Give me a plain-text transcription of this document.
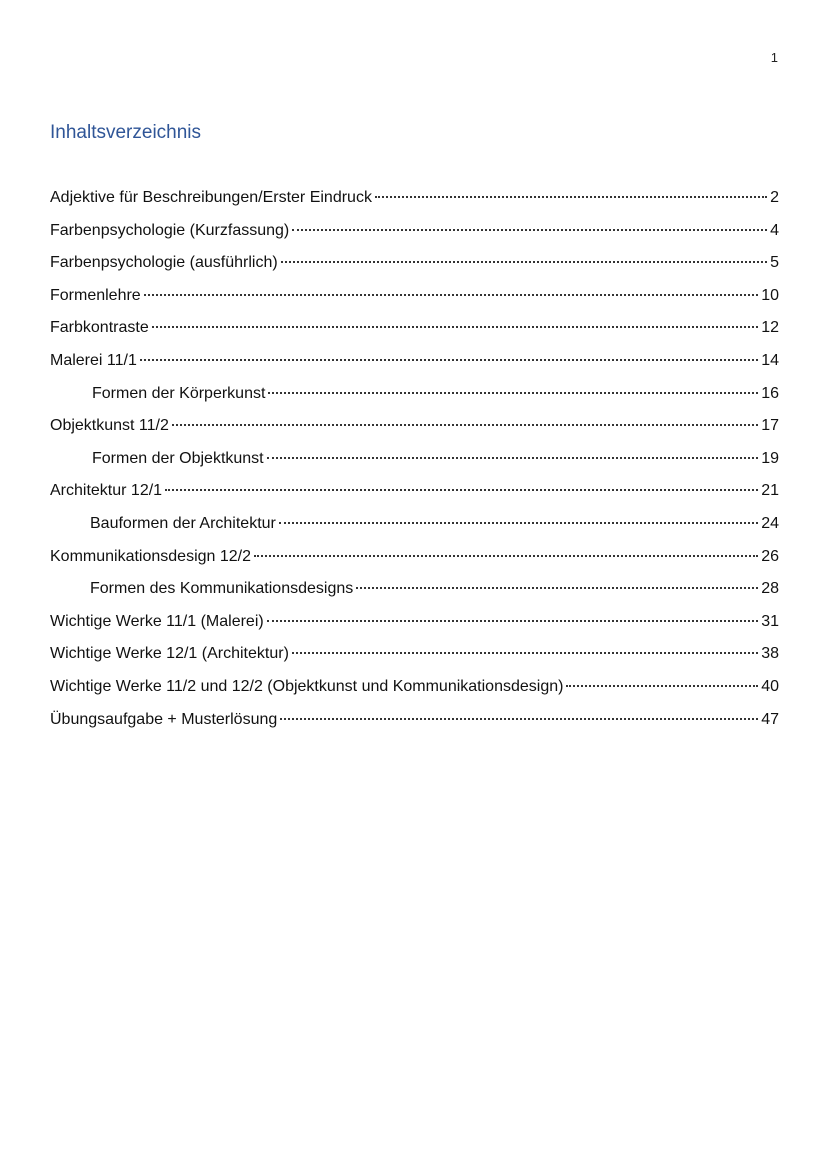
1
Inhaltsverzeichnis
Adjektive für Beschreibungen/Erster Eindruck	2
Farbenpsychologie (Kurzfassung)	4
Farbenpsychologie (ausführlich)	5
Formenlehre	10
Farbkontraste	12
Malerei 11/1	14
Formen der Körperkunst	16
Objektkunst 11/2	17
Formen der Objektkunst	19
Architektur 12/1	21
Bauformen der Architektur	24
Kommunikationsdesign 12/2	26
Formen des Kommunikationsdesigns	28
Wichtige Werke 11/1 (Malerei)	31
Wichtige Werke 12/1 (Architektur)	38
Wichtige Werke 11/2 und 12/2 (Objektkunst und Kommunikationsdesign)	40
Übungsaufgabe + Musterlösung	47
